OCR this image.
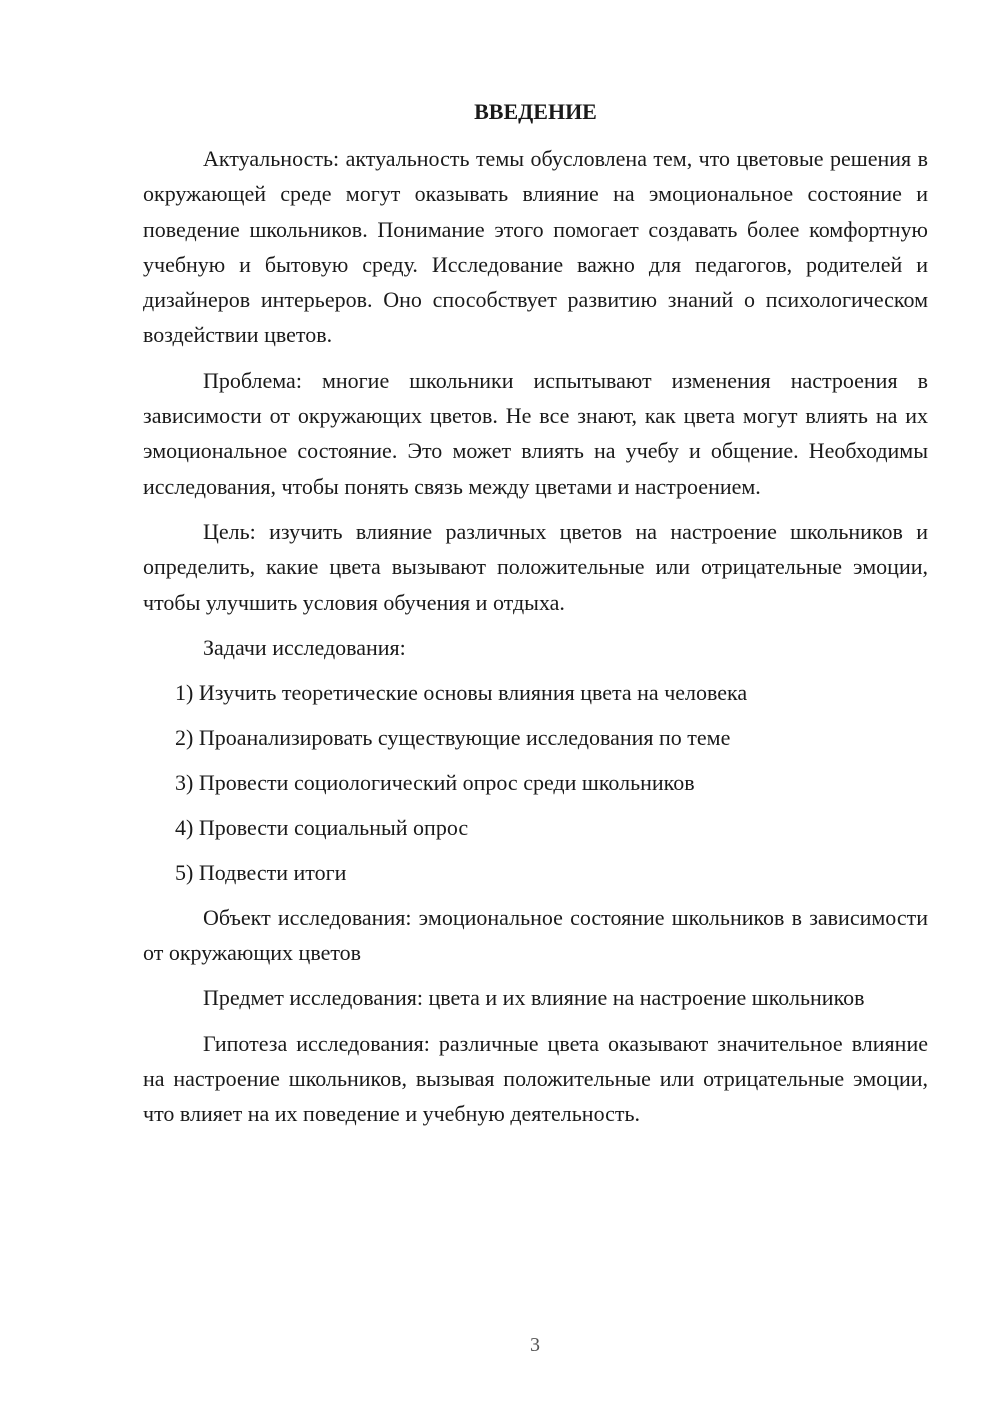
ВВЕДЕНИЕ

Актуальность: актуальность темы обусловлена тем, что цветовые решения в окружающей среде могут оказывать влияние на эмоциональное состояние и поведение школьников. Понимание этого помогает создавать более комфортную учебную и бытовую среду. Исследование важно для педагогов, родителей и дизайнеров интерьеров. Оно способствует развитию знаний о психологическом воздействии цветов.

Проблема: многие школьники испытывают изменения настроения в зависимости от окружающих цветов. Не все знают, как цвета могут влиять на их эмоциональное состояние. Это может влиять на учебу и общение. Необходимы исследования, чтобы понять связь между цветами и настроением.

Цель: изучить влияние различных цветов на настроение школьников и определить, какие цвета вызывают положительные или отрицательные эмоции, чтобы улучшить условия обучения и отдыха.

Задачи исследования:

1) Изучить теоретические основы влияния цвета на человека

2) Проанализировать существующие исследования по теме

3) Провести социологический опрос среди школьников

4) Провести социальный опрос

5) Подвести итоги

Объект исследования: эмоциональное состояние школьников в зависимости от окружающих цветов

Предмет исследования: цвета и их влияние на настроение школьников

Гипотеза исследования: различные цвета оказывают значительное влияние на настроение школьников, вызывая положительные или отрицательные эмоции, что влияет на их поведение и учебную деятельность.

3
